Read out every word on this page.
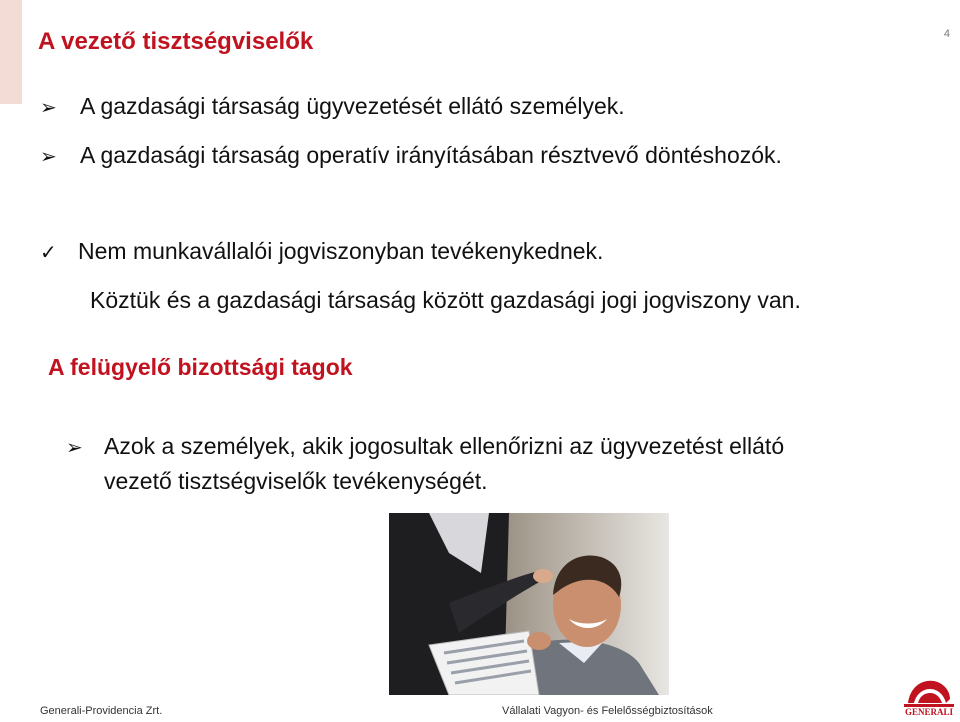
A vezető tisztségviselők	4
➢ A gazdasági társaság ügyvezetését ellátó személyek.
➢ A gazdasági társaság operatív irányításában résztvevő döntéshozók.
✓ Nem munkavállalói jogviszonyban tevékenykednek.
Köztük és a gazdasági társaság között gazdasági jogi jogviszony van.
A felügyelő bizottsági tagok
➢ Azok a személyek, akik jogosultak ellenőrizni az ügyvezetést ellátó
vezető tisztségviselők tevékenységét.
Generali-Providencia Zrt.	Vállalati Vagyon- és Felelősségbiztosítások	GENERALI
